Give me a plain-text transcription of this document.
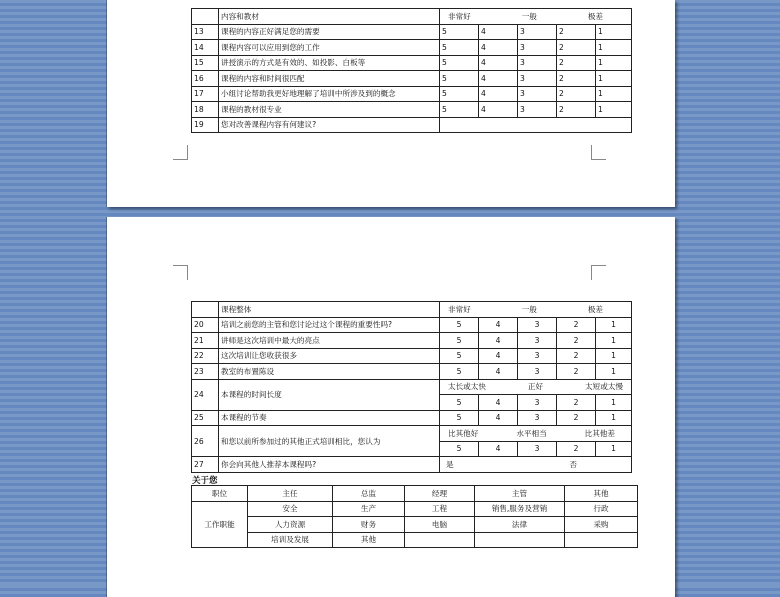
	内容和教材	非常好 一般 极差				

13	课程的内容正好满足您的需要	5	4	3	2	1
14	课程内容可以应用到您的工作	5	4	3	2	1
15	讲授演示的方式是有效的、如投影、白板等	5	4	3	2	1
16	课程的内容和时间很匹配	5	4	3	2	1
17	小组讨论帮助我更好地理解了培训中所涉及到的概念	5	4	3	2	1
18	课程的教材很专业	5	4	3	2	1
19	您对改善课程内容有何建议?					
	课程整体	非常好 一般 极差				

20	培训之前您的主管和您讨论过这个课程的重要性吗?	5	4	3	2	1
21	讲师是这次培训中最大的亮点	5	4	3	2	1
22	这次培训让您收获很多	5	4	3	2	1
23	教室的布置陈设	5	4	3	2	1
24	本课程的时间长度	太长或太快 正好 太短或太慢				

		5	4	3	2	1
25	本课程的节奏	5	4	3	2	1
26	和您以前所参加过的其他正式培训相比，您认为	比其他好 水平相当 比其他差				

		5	4	3	2	1
27	你会向其他人推荐本课程吗?	是 否				
关于您
职位	主任	总监	经理	主管	其他
工作职能	安全	生产	工程	销售,服务及营销	行政
	人力资源	财务	电脑	法律	采购
	培训及发展	其他			
